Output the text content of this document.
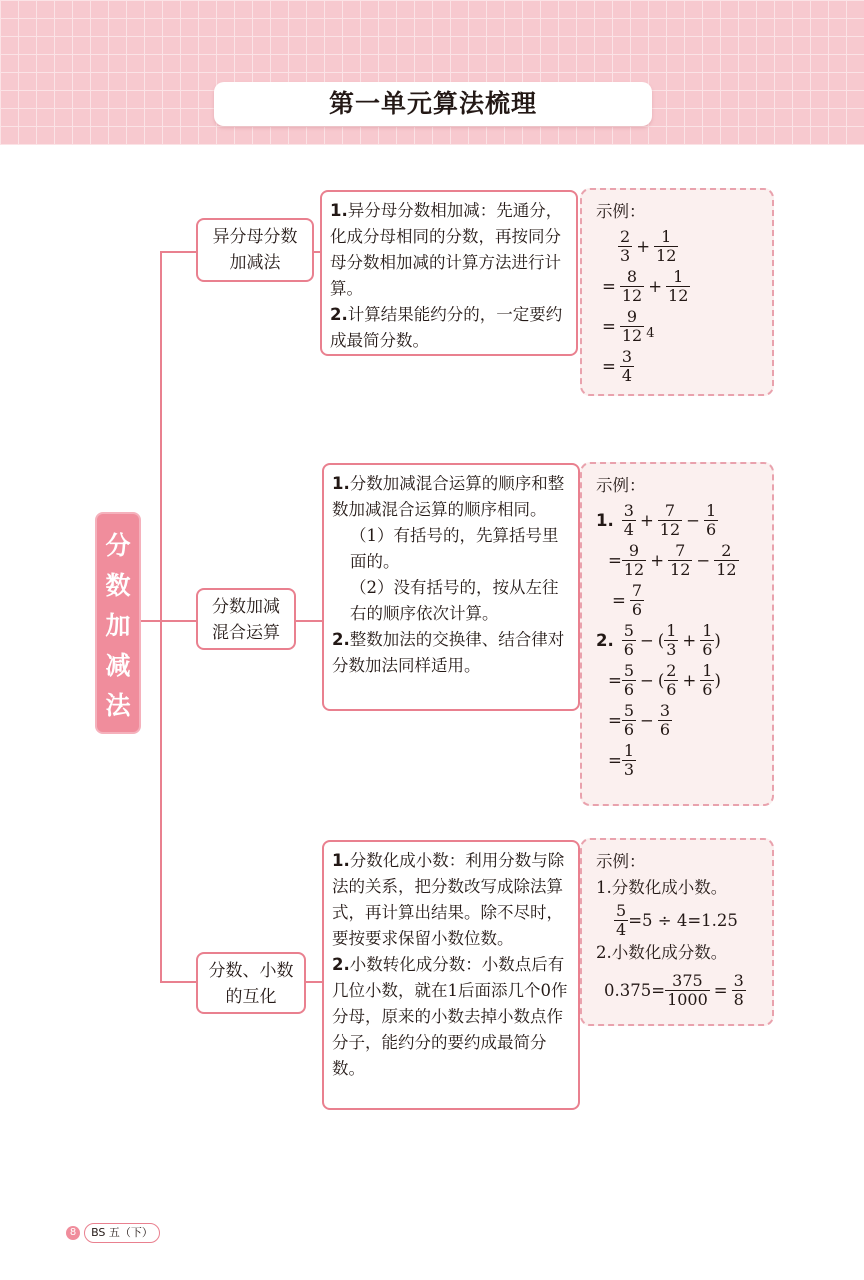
第一单元算法梳理
分
数
加
减
法
异分母分数
加减法

1.异分母分数相加减：先通分，化成分母相同的分数，再按同分母分数相加减的计算方法进行计算。

2.计算结果能约分的，一定要约成最简分数。

示例：

$\frac{2}{3} + \frac{1}{12}$
= $\frac{8}{12} + \frac{1}{12}$
= $\frac{9}{12} 4$
= $\frac{3}{4}$
分数加减
混合运算

1.分数加减混合运算的顺序和整数加减混合运算的顺序相同。

（1）有括号的，先算括号里面的。

（2）没有括号的，按从左往右的顺序依次计算。

2.整数加法的交换律、结合律对分数加法同样适用。

示例：

1. $\frac{3}{4} + \frac{7}{12} - \frac{1}{6}$
= $\frac{9}{12} + \frac{7}{12} - \frac{2}{12}$
= $\frac{7}{6}$
2. $\frac{5}{6}$ − ( $\frac{1}{3} + \frac{1}{6}$ )
= $\frac{5}{6}$ − ( $\frac{2}{6} + \frac{1}{6}$ )
= $\frac{5}{6} - \frac{3}{6}$
= $\frac{1}{3}$
分数、小数
的互化

1.分数化成小数：利用分数与除法的关系，把分数改写成除法算式，再计算出结果。除不尽时，要按要求保留小数位数。

2.小数转化成分数：小数点后有几位小数，就在1后面添几个0作分母，原来的小数去掉小数点作分子，能约分的要约成最简分数。

示例：

1.分数化成小数。
$\frac{5}{4} =5 \div 4=1.25$
2.小数化成分数。
$0.375= \frac{375}{1000} = \frac{3}{8}$
8	BS 五（下）
